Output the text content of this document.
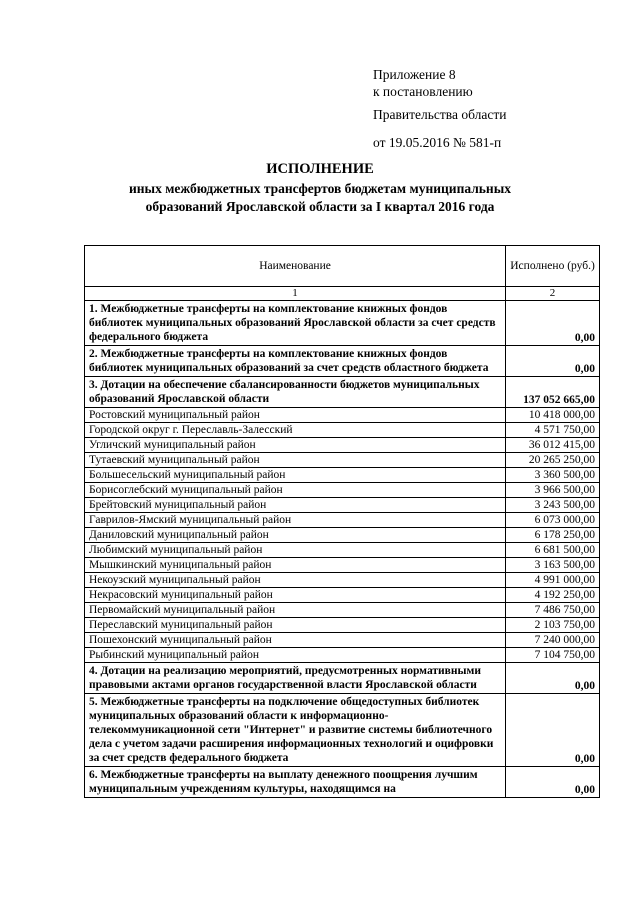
Приложение 8
к постановлению
Правительства области
от 19.05.2016 № 581-п
ИСПОЛНЕНИЕ
иных межбюджетных трансфертов бюджетам муниципальных
образований Ярославской области за I квартал 2016 года
Наименование	Исполнено (руб.)
1	2
1. Межбюджетные трансферты на комплектование книжных фондов библиотек муниципальных образований Ярославской области за счет средств федерального бюджета	0,00
2. Межбюджетные трансферты на комплектование книжных фондов библиотек муниципальных образований за счет средств областного бюджета	0,00
3. Дотации на обеспечение сбалансированности бюджетов муниципальных образований Ярославской области	137 052 665,00
Ростовский муниципальный район	10 418 000,00
Городской округ г. Переславль-Залесский	4 571 750,00
Угличский муниципальный район	36 012 415,00
Тутаевский муниципальный район	20 265 250,00
Большесельский муниципальный район	3 360 500,00
Борисоглебский муниципальный район	3 966 500,00
Брейтовский муниципальный район	3 243 500,00
Гаврилов-Ямский муниципальный район	6 073 000,00
Даниловский муниципальный район	6 178 250,00
Любимский муниципальный район	6 681 500,00
Мышкинский муниципальный район	3 163 500,00
Некоузский муниципальный район	4 991 000,00
Некрасовский муниципальный район	4 192 250,00
Первомайский муниципальный район	7 486 750,00
Переславский муниципальный район	2 103 750,00
Пошехонский муниципальный район	7 240 000,00
Рыбинский муниципальный район	7 104 750,00
4. Дотации на реализацию мероприятий, предусмотренных нормативными правовыми актами органов государственной власти Ярославской области	0,00
5. Межбюджетные трансферты на подключение общедоступных библиотек муниципальных образований области к информационно-телекоммуникационной сети "Интернет" и развитие системы библиотечного дела с учетом задачи расширения информационных технологий и оцифровки за счет средств федерального бюджета	0,00
6. Межбюджетные трансферты на выплату денежного поощрения лучшим муниципальным учреждениям культуры, находящимся на	0,00
